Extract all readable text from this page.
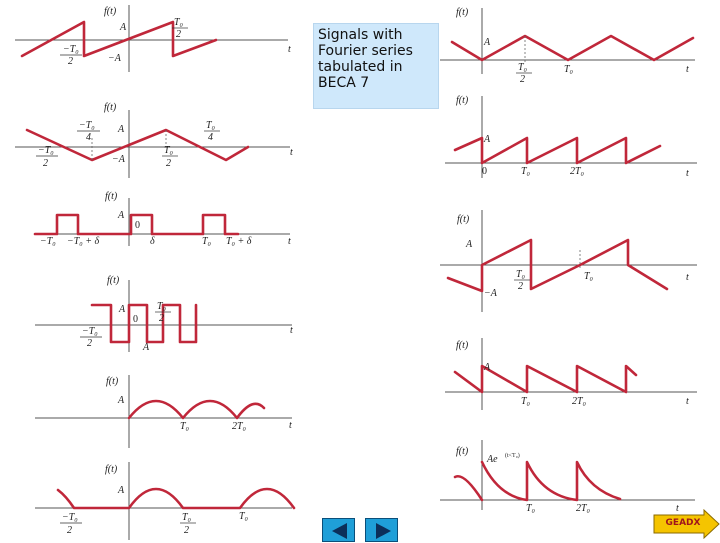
f(t)
A
−A
t
−T₀
2
T₀
2
f(t)
A
−A
t
−T₀
4
T₀
4
−T₀
2
T₀
2
f(t)
A
0
t
−T₀ −T₀ + δ	δ	T₀ T₀ + δ
f(t)
A
0
A
t
−T₀
2
T₀
2
f(t)
A
T₀	2T₀	t
f(t)
A
T₀
−T₀
2
T₀
2
f(t)
A
T₀	t
T₀
2
f(t)
A
0	T₀	2T₀	t
f(t)
A
−A
T₀	t
T₀
2
f(t)
A
T₀	2T₀	t
f(t)
Ae (t<T₀)
T₀	2T₀	t
Signals with
Fourier series
tabulated in
BECA 7
GEADX
